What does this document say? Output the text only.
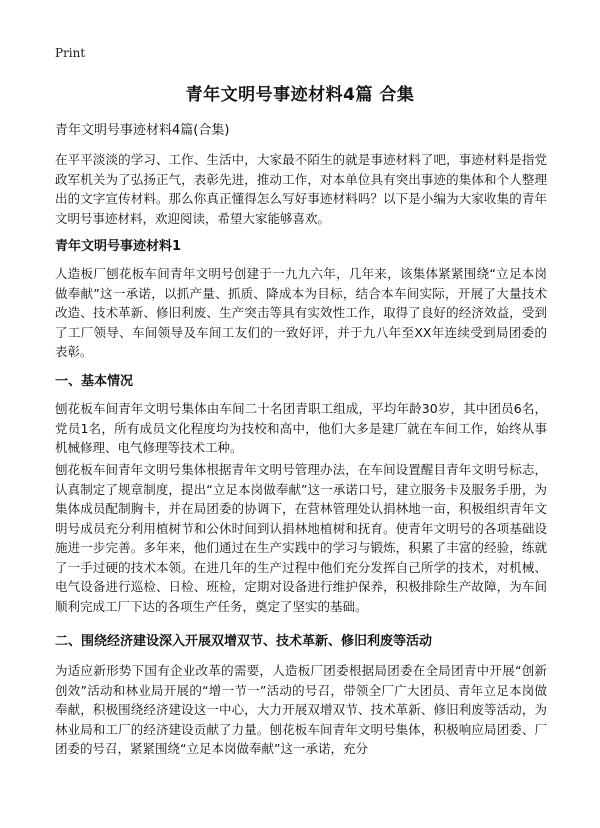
Print
青年文明号事迹材料4篇 合集
青年文明号事迹材料4篇(合集)

在平平淡淡的学习、工作、生活中，大家最不陌生的就是事迹材料了吧，事迹材料是指党政军机关为了弘扬正气，表彰先进，推动工作，对本单位具有突出事迹的集体和个人整理出的文字宣传材料。那么你真正懂得怎么写好事迹材料吗？以下是小编为大家收集的青年文明号事迹材料，欢迎阅读，希望大家能够喜欢。

青年文明号事迹材料1

人造板厂刨花板车间青年文明号创建于一九九六年，几年来，该集体紧紧围绕“立足本岗做奉献”这一承诺，以抓产量、抓质、降成本为目标，结合本车间实际，开展了大量技术改造、技术革新、修旧利废、生产突击等具有实效性工作，取得了良好的经济效益，受到了工厂领导、车间领导及车间工友们的一致好评，并于九八年至XX年连续受到局团委的表彰。

一、基本情况

刨花板车间青年文明号集体由车间二十名团青职工组成，平均年龄30岁，其中团员6名，党员1名，所有成员文化程度均为技校和高中，他们大多是建厂就在车间工作，始终从事机械修理、电气修理等技术工种。

刨花板车间青年文明号集体根据青年文明号管理办法，在车间设置醒目青年文明号标志，认真制定了规章制度，提出“立足本岗做奉献”这一承诺口号，建立服务卡及服务手册，为集体成员配制胸卡，并在局团委的协调下，在营林管理处认捐林地一亩，积极组织青年文明号成员充分利用植树节和公休时间到认捐林地植树和抚育。使青年文明号的各项基础设施进一步完善。多年来，他们通过在生产实践中的学习与锻炼，积累了丰富的经验，练就了一手过硬的技术本领。在进几年的生产过程中他们充分发挥自己所学的技术，对机械、电气设备进行巡检、日检、班检，定期对设备进行维护保养，积极排除生产故障，为车间顺利完成工厂下达的各项生产任务，奠定了坚实的基础。

二、围绕经济建设深入开展双增双节、技术革新、修旧利废等活动

为适应新形势下国有企业改革的需要，人造板厂团委根据局团委在全局团青中开展“创新创效”活动和林业局开展的“增一节一”活动的号召，带领全厂广大团员、青年立足本岗做奉献，积极围绕经济建设这一中心，大力开展双增双节、技术革新、修旧利废等活动，为林业局和工厂的经济建设贡献了力量。刨花板车间青年文明号集体，积极响应局团委、厂团委的号召，紧紧围绕“立足本岗做奉献”这一承诺，充分
